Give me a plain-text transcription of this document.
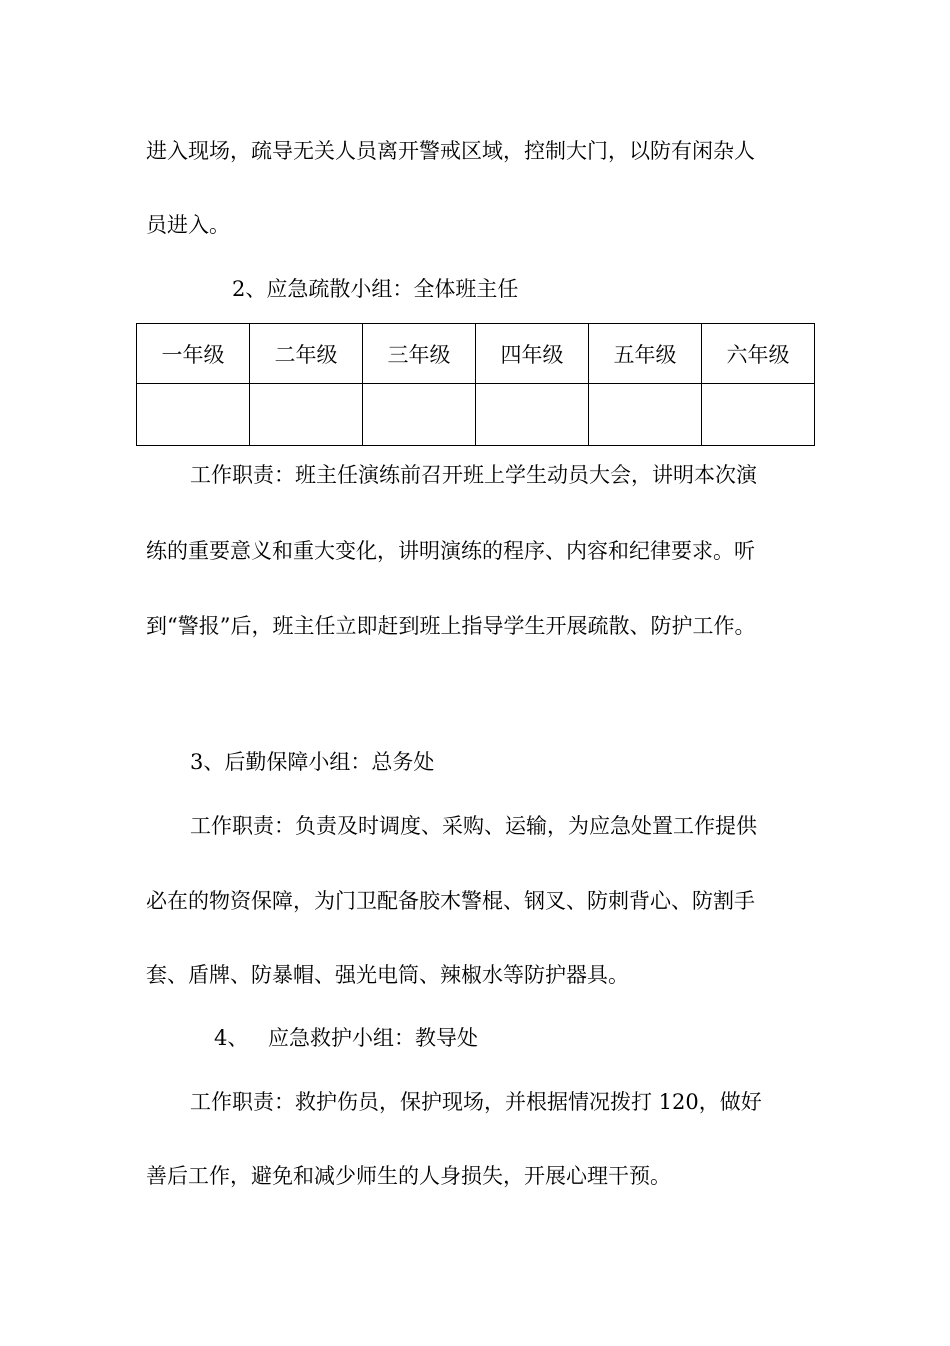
进入现场，疏导无关人员离开警戒区域，控制大门，以防有闲杂人
员进入。
2、应急疏散小组：全体班主任
一年级	二年级	三年级	四年级	五年级	六年级

工作职责：班主任演练前召开班上学生动员大会，讲明本次演
练的重要意义和重大变化，讲明演练的程序、内容和纪律要求。听
到“警报”后，班主任立即赶到班上指导学生开展疏散、防护工作。
3、后勤保障小组：总务处
工作职责：负责及时调度、采购、运输，为应急处置工作提供
必在的物资保障，为门卫配备胶木警棍、钢叉、防刺背心、防割手
套、盾牌、防暴帽、强光电筒、辣椒水等防护器具。
4、 应急救护小组：教导处
工作职责：救护伤员，保护现场，并根据情况拨打 120，做好
善后工作，避免和减少师生的人身损失，开展心理干预。
